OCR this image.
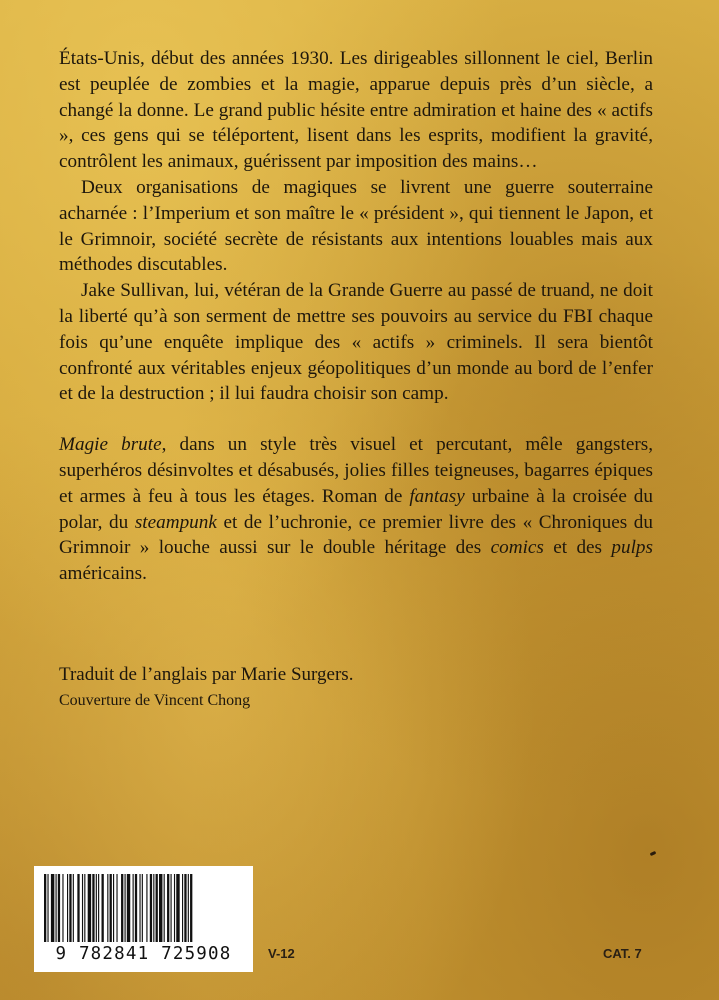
États-Unis, début des années 1930. Les dirigeables sillonnent le ciel, Berlin est peuplée de zombies et la magie, apparue depuis près d’un siècle, a changé la donne. Le grand public hésite entre admiration et haine des « actifs », ces gens qui se téléportent, lisent dans les esprits, modifient la gravité, contrôlent les animaux, guérissent par imposition des mains…

Deux organisations de magiques se livrent une guerre souterraine acharnée : l’Imperium et son maître le « président », qui tiennent le Japon, et le Grimnoir, société secrète de résistants aux intentions louables mais aux méthodes discutables.

Jake Sullivan, lui, vétéran de la Grande Guerre au passé de truand, ne doit la liberté qu’à son serment de mettre ses pouvoirs au service du FBI chaque fois qu’une enquête implique des « actifs » criminels. Il sera bientôt confronté aux véritables enjeux géopolitiques d’un monde au bord de l’enfer et de la destruction ; il lui faudra choisir son camp.

Magie brute, dans un style très visuel et percutant, mêle gangsters, superhéros désinvoltes et désabusés, jolies filles teigneuses, bagarres épiques et armes à feu à tous les étages. Roman de fantasy urbaine à la croisée du polar, du steampunk et de l’uchronie, ce premier livre des « Chroniques du Grimnoir » louche aussi sur le double héritage des comics et des pulps américains.

Traduit de l’anglais par Marie Surgers.
Couverture de Vincent Chong
9 782841 725908	V-12	CAT. 7
